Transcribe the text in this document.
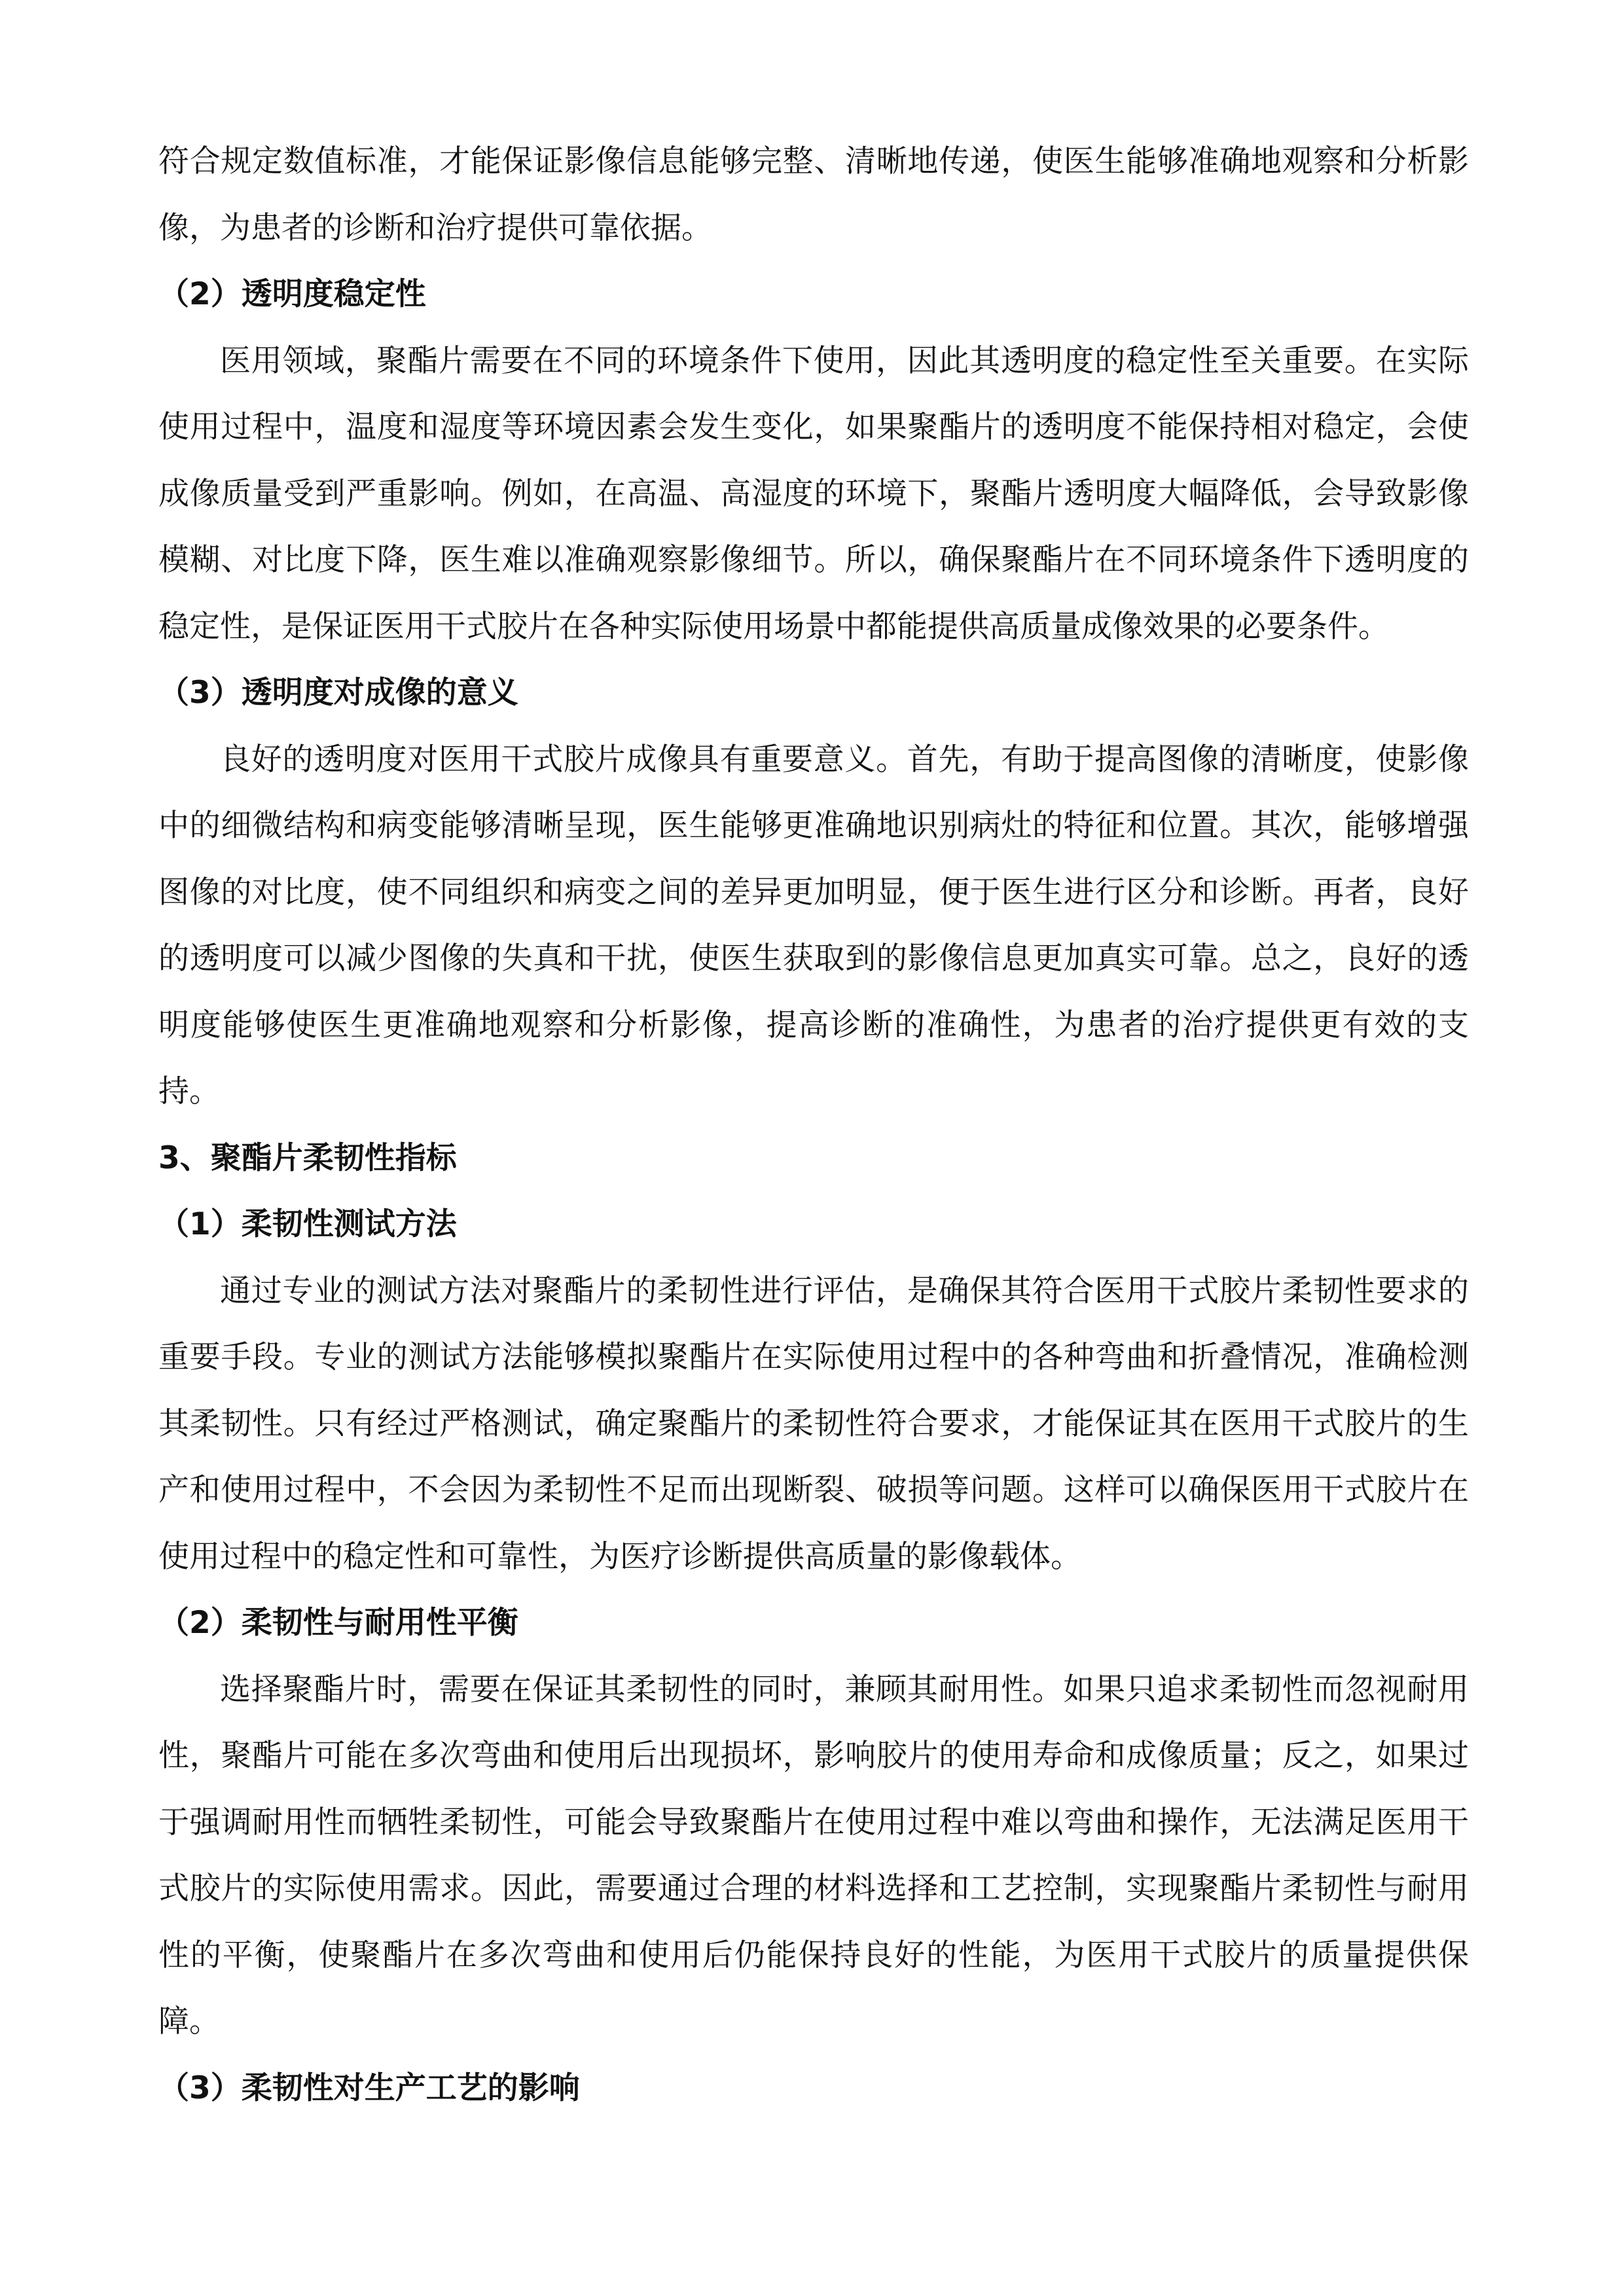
符合规定数值标准，才能保证影像信息能够完整、清晰地传递，使医生能够准确地观察和分析影像，为患者的诊断和治疗提供可靠依据。

（2）透明度稳定性

医用领域，聚酯片需要在不同的环境条件下使用，因此其透明度的稳定性至关重要。在实际使用过程中，温度和湿度等环境因素会发生变化，如果聚酯片的透明度不能保持相对稳定，会使成像质量受到严重影响。例如，在高温、高湿度的环境下，聚酯片透明度大幅降低，会导致影像模糊、对比度下降，医生难以准确观察影像细节。所以，确保聚酯片在不同环境条件下透明度的稳定性，是保证医用干式胶片在各种实际使用场景中都能提供高质量成像效果的必要条件。

（3）透明度对成像的意义

良好的透明度对医用干式胶片成像具有重要意义。首先，有助于提高图像的清晰度，使影像中的细微结构和病变能够清晰呈现，医生能够更准确地识别病灶的特征和位置。其次，能够增强图像的对比度，使不同组织和病变之间的差异更加明显，便于医生进行区分和诊断。再者，良好的透明度可以减少图像的失真和干扰，使医生获取到的影像信息更加真实可靠。总之，良好的透明度能够使医生更准确地观察和分析影像，提高诊断的准确性，为患者的治疗提供更有效的支持。

3、聚酯片柔韧性指标

（1）柔韧性测试方法

通过专业的测试方法对聚酯片的柔韧性进行评估，是确保其符合医用干式胶片柔韧性要求的重要手段。专业的测试方法能够模拟聚酯片在实际使用过程中的各种弯曲和折叠情况，准确检测其柔韧性。只有经过严格测试，确定聚酯片的柔韧性符合要求，才能保证其在医用干式胶片的生产和使用过程中，不会因为柔韧性不足而出现断裂、破损等问题。这样可以确保医用干式胶片在使用过程中的稳定性和可靠性，为医疗诊断提供高质量的影像载体。

（2）柔韧性与耐用性平衡

选择聚酯片时，需要在保证其柔韧性的同时，兼顾其耐用性。如果只追求柔韧性而忽视耐用性，聚酯片可能在多次弯曲和使用后出现损坏，影响胶片的使用寿命和成像质量；反之，如果过于强调耐用性而牺牲柔韧性，可能会导致聚酯片在使用过程中难以弯曲和操作，无法满足医用干式胶片的实际使用需求。因此，需要通过合理的材料选择和工艺控制，实现聚酯片柔韧性与耐用性的平衡，使聚酯片在多次弯曲和使用后仍能保持良好的性能，为医用干式胶片的质量提供保障。

（3）柔韧性对生产工艺的影响
